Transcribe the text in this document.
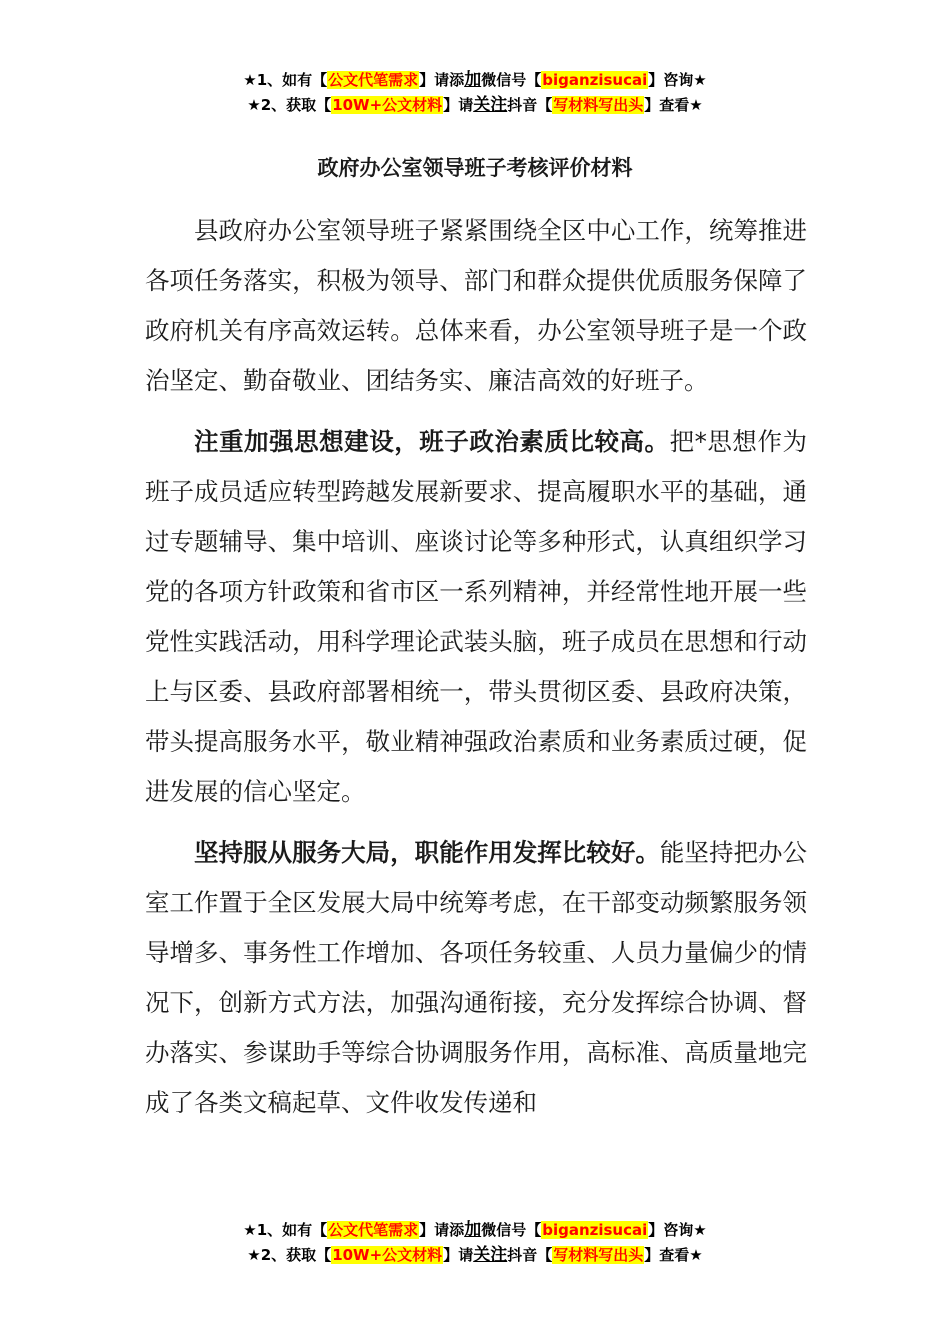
★1、如有【公文代笔需求】请添加微信号【biganzisucai】咨询★
★2、获取【10W+公文材料】请关注抖音【写材料写出头】查看★
政府办公室领导班子考核评价材料

县政府办公室领导班子紧紧围绕全区中心工作，统筹推进各项任务落实，积极为领导、部门和群众提供优质服务保障了政府机关有序高效运转。总体来看，办公室领导班子是一个政治坚定、勤奋敬业、团结务实、廉洁高效的好班子。

注重加强思想建设，班子政治素质比较高。把*思想作为班子成员适应转型跨越发展新要求、提高履职水平的基础，通过专题辅导、集中培训、座谈讨论等多种形式，认真组织学习党的各项方针政策和省市区一系列精神，并经常性地开展一些党性实践活动，用科学理论武装头脑，班子成员在思想和行动上与区委、县政府部署相统一，带头贯彻区委、县政府决策，带头提高服务水平，敬业精神强政治素质和业务素质过硬，促进发展的信心坚定。

坚持服从服务大局，职能作用发挥比较好。能坚持把办公室工作置于全区发展大局中统筹考虑，在干部变动频繁服务领导增多、事务性工作增加、各项任务较重、人员力量偏少的情况下，创新方式方法，加强沟通衔接，充分发挥综合协调、督办落实、参谋助手等综合协调服务作用，高标准、高质量地完成了各类文稿起草、文件收发传递和

★1、如有【公文代笔需求】请添加微信号【biganzisucai】咨询★
★2、获取【10W+公文材料】请关注抖音【写材料写出头】查看★
